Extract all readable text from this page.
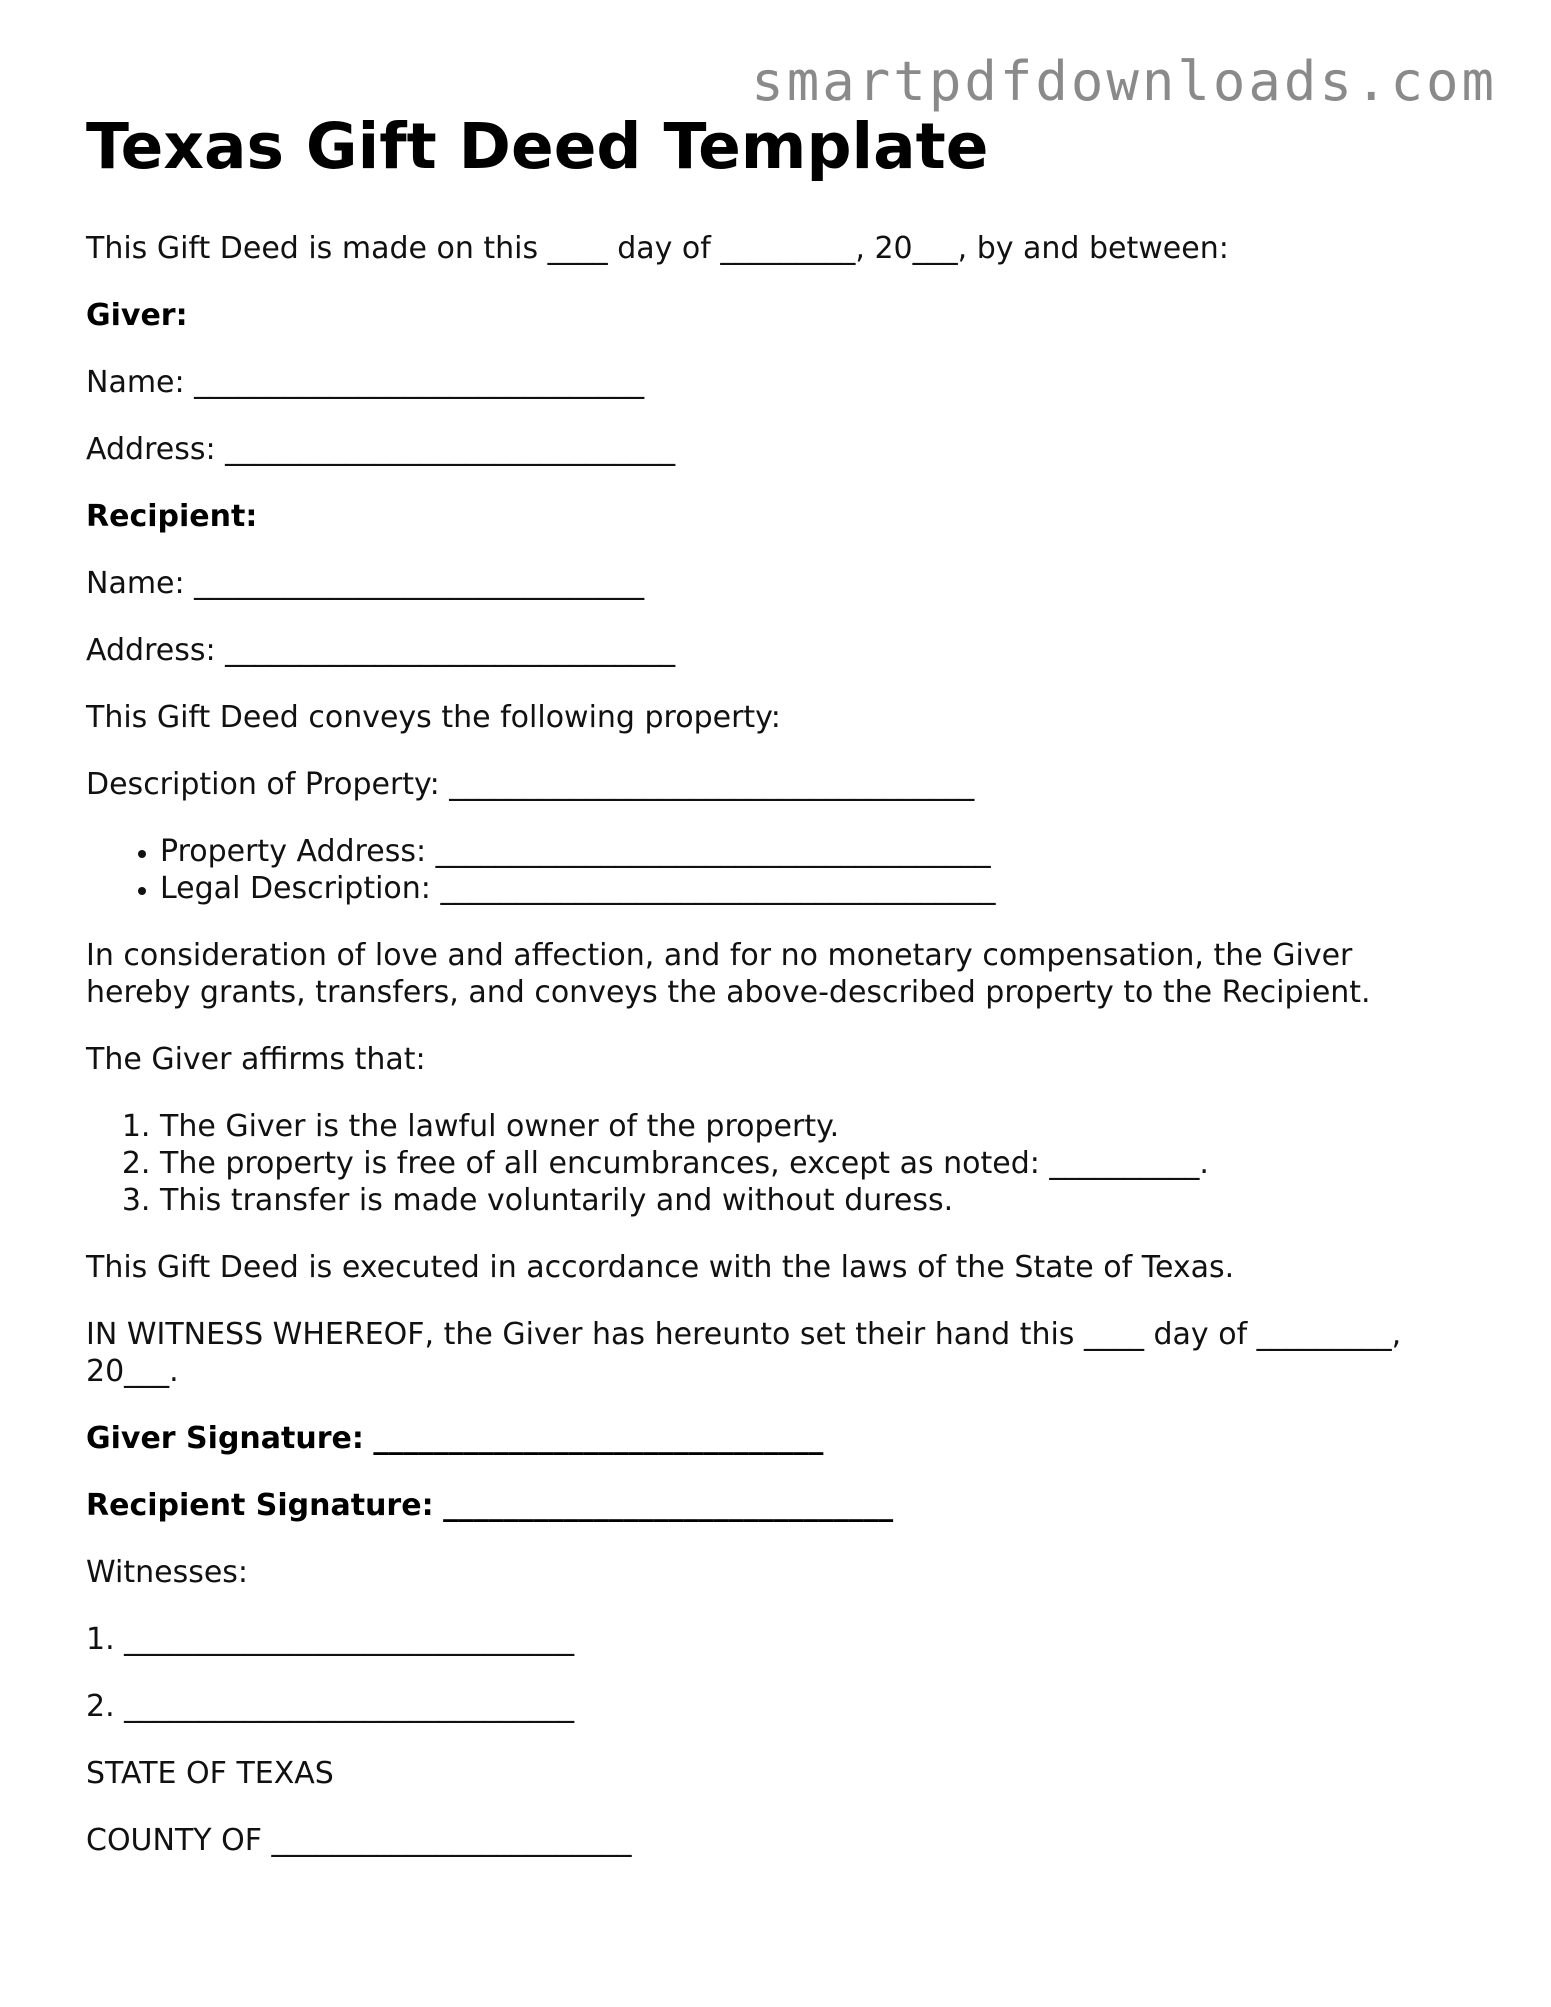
smartpdfdownloads.com
Texas Gift Deed Template

This Gift Deed is made on this ____ day of _________, 20___, by and between:

Giver:

Name: ______________________________

Address: ______________________________

Recipient:

Name: ______________________________

Address: ______________________________

This Gift Deed conveys the following property:

Description of Property: ___________________________________

• Property Address: _____________________________________
• Legal Description: _____________________________________

In consideration of love and affection, and for no monetary compensation, the Giver hereby grants, transfers, and conveys the above-described property to the Recipient.

The Giver affirms that:

1. The Giver is the lawful owner of the property.
2. The property is free of all encumbrances, except as noted: __________.
3. This transfer is made voluntarily and without duress.

This Gift Deed is executed in accordance with the laws of the State of Texas.

IN WITNESS WHEREOF, the Giver has hereunto set their hand this ____ day of _________, 20___.

Giver Signature: ______________________________

Recipient Signature: ______________________________

Witnesses:

1. ______________________________

2. ______________________________

STATE OF TEXAS

COUNTY OF ________________________
